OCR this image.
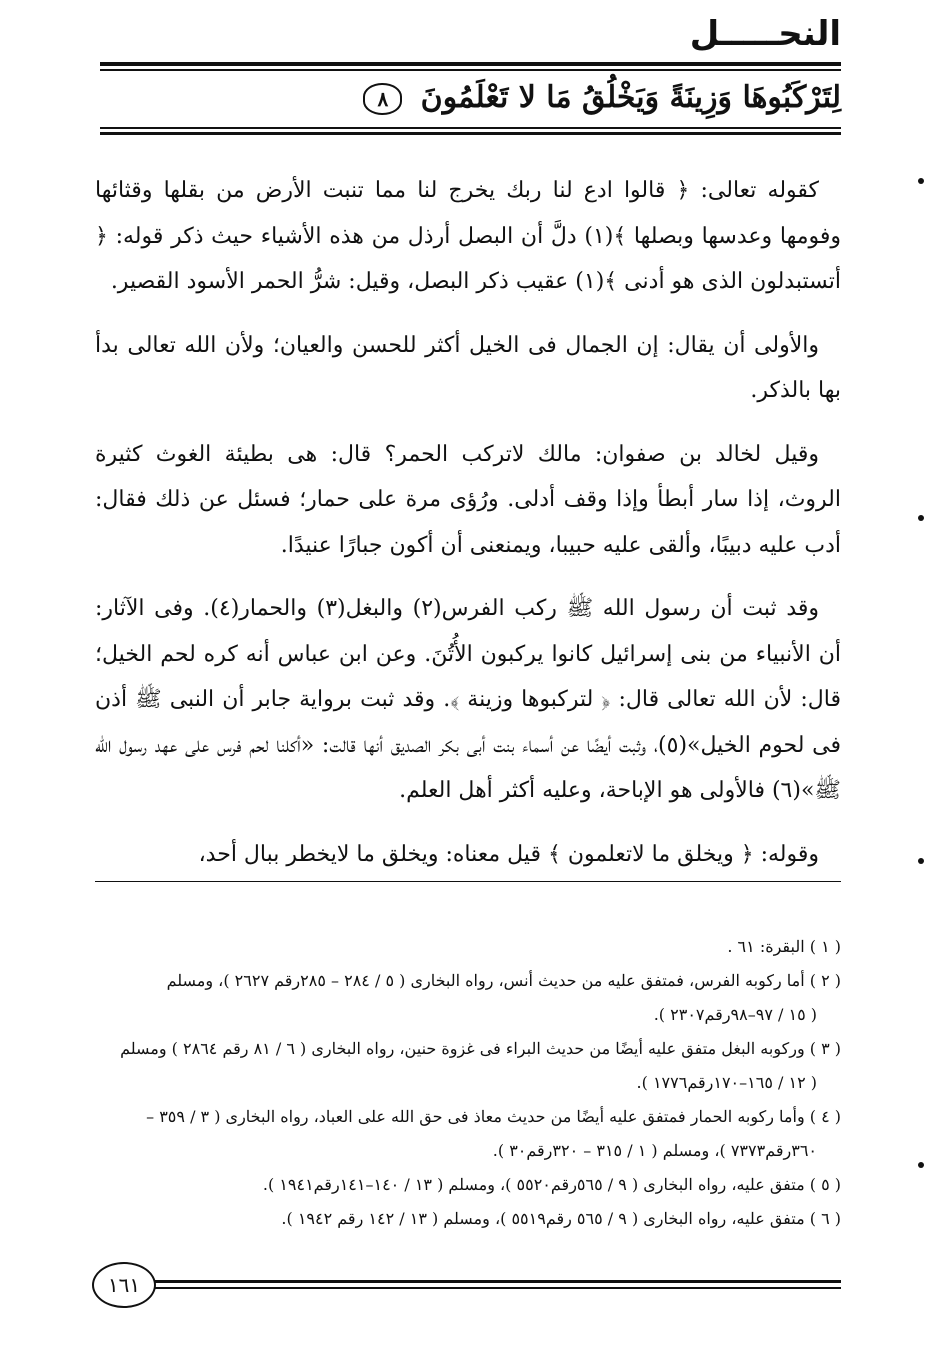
النحـــــل
لِتَرْكَبُوهَا وَزِينَةً وَيَخْلُقُ مَا لا تَعْلَمُونَ ٨

كقوله تعالى: ﴿ قالوا ادع لنا ربك يخرج لنا مما تنبت الأرض من بقلها وقثائها وفومها وعدسها وبصلها ﴾(١) دلَّ أن البصل أرذل من هذه الأشياء حيث ذكر قوله: ﴿ أتستبدلون الذى هو أدنى ﴾(١) عقيب ذكر البصل، وقيل: شرُّ الحمر الأسود القصير.

والأولى أن يقال: إن الجمال فى الخيل أكثر للحسن والعيان؛ ولأن الله تعالى بدأ بها بالذكر.

وقيل لخالد بن صفوان: مالك لاتركب الحمر؟ قال: هى بطيئة الغوث كثيرة الروث، إذا سار أبطأ وإذا وقف أدلى. ورُؤى مرة على حمار؛ فسئل عن ذلك فقال: أدب عليه دبيبًا، وألقى عليه حبيبا، ويمنعنى أن أكون جبارًا عنيدًا.

وقد ثبت أن رسول الله ﷺ ركب الفرس(٢) والبغل(٣) والحمار(٤). وفى الآثار: أن الأنبياء من بنى إسرائيل كانوا يركبون الأُتُنَ. وعن ابن عباس أنه كره لحم الخيل؛ قال: لأن الله تعالى قال: ﴿ لتركبوها وزينة ﴾. وقد ثبت برواية جابر أن النبى ﷺ أذن فى لحوم الخيل»(٥)، وثبت أيضًا عن أسماء بنت أبى بكر الصديق أنها قالت: «أكلنا لحم فرس على عهد رسول الله ﷺ»(٦) فالأولى هو الإباحة، وعليه أكثر أهل العلم.

وقوله: ﴿ ويخلق ما لاتعلمون ﴾ قيل معناه: ويخلق ما لايخطر ببال أحد،

( ١ ) البقرة: ٦١ .

( ٢ ) أما ركوبه الفرس، فمتفق عليه من حديث أنس، رواه البخارى ( ٥ / ٢٨٤ – ٢٨٥رقم ٢٦٢٧ )، ومسلم
( ١٥ / ٩٧–٩٨رقم٢٣٠٧ ).

( ٣ ) وركوبه البغل متفق عليه أيضًا من حديث البراء فى غزوة حنين، رواه البخارى ( ٦ / ٨١ رقم ٢٨٦٤ ) ومسلم
( ١٢ / ١٦٥–١٧٠رقم١٧٧٦ ).

( ٤ ) وأما ركوبه الحمار فمتفق عليه أيضًا من حديث معاذ فى حق الله على العباد، رواه البخارى ( ٣ / ٣٥٩ –
٣٦٠رقم٧٣٧٣ )، ومسلم ( ١ / ٣١٥ – ٣٢٠رقم٣٠ ).

( ٥ ) متفق عليه، رواه البخارى ( ٩ / ٥٦٥رقم٥٥٢٠ )، ومسلم ( ١٣ / ١٤٠–١٤١رقم١٩٤١ ).

( ٦ ) متفق عليه، رواه البخارى ( ٩ / ٥٦٥ رقم٥٥١٩ )، ومسلم ( ١٣ / ١٤٢ رقم ١٩٤٢ ).

١٦١
